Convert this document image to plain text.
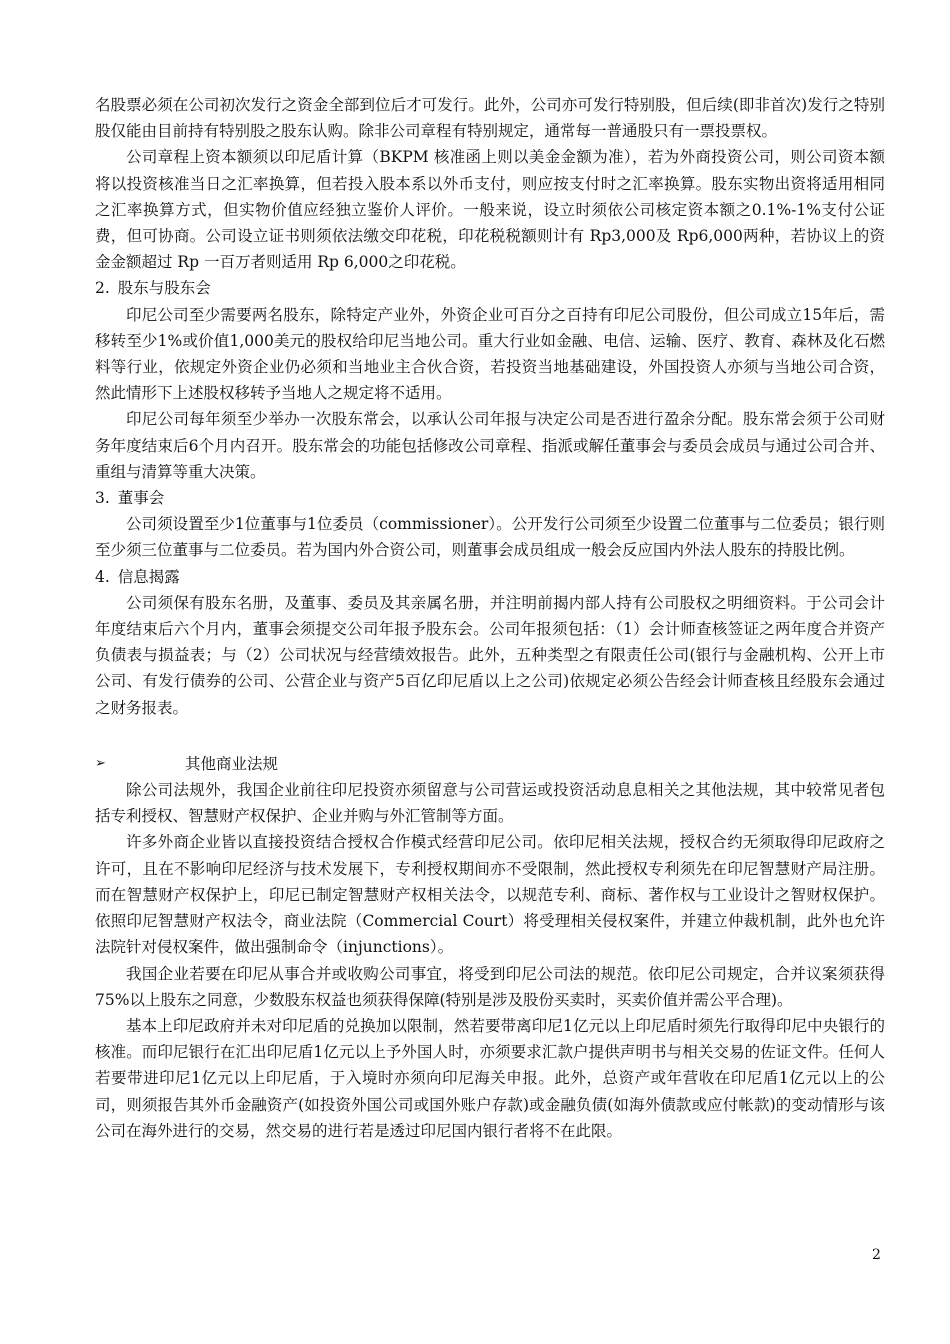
名股票必须在公司初次发行之资金全部到位后才可发行。此外，公司亦可发行特别股，但后续(即非首次)发行之特别股仅能由目前持有特别股之股东认购。除非公司章程有特别规定，通常每一普通股只有一票投票权。

公司章程上资本额须以印尼盾计算（BKPM 核准函上则以美金金额为准），若为外商投资公司，则公司资本额将以投资核准当日之汇率换算，但若投入股本系以外币支付，则应按支付时之汇率换算。股东实物出资将适用相同之汇率换算方式，但实物价值应经独立鉴价人评价。一般来说，设立时须依公司核定资本额之0.1%-1%支付公证费，但可协商。公司设立证书则须依法缴交印花税，印花税税额则计有 Rp3,000及 Rp6,000两种，若协议上的资金金额超过 Rp 一百万者则适用 Rp 6,000之印花税。

2. 股东与股东会

印尼公司至少需要两名股东，除特定产业外，外资企业可百分之百持有印尼公司股份，但公司成立15年后，需移转至少1%或价值1,000美元的股权给印尼当地公司。重大行业如金融、电信、运输、医疗、教育、森林及化石燃料等行业，依规定外资企业仍必须和当地业主合伙合资，若投资当地基础建设，外国投资人亦须与当地公司合资，然此情形下上述股权移转予当地人之规定将不适用。

印尼公司每年须至少举办一次股东常会，以承认公司年报与决定公司是否进行盈余分配。股东常会须于公司财务年度结束后6个月内召开。股东常会的功能包括修改公司章程、指派或解任董事会与委员会成员与通过公司合并、重组与清算等重大决策。

3. 董事会

公司须设置至少1位董事与1位委员（commissioner）。公开发行公司须至少设置二位董事与二位委员；银行则至少须三位董事与二位委员。若为国内外合资公司，则董事会成员组成一般会反应国内外法人股东的持股比例。

4. 信息揭露

公司须保有股东名册，及董事、委员及其亲属名册，并注明前揭内部人持有公司股权之明细资料。于公司会计年度结束后六个月内，董事会须提交公司年报予股东会。公司年报须包括：（1）会计师查核签证之两年度合并资产负债表与损益表；与（2）公司状况与经营绩效报告。此外，五种类型之有限责任公司(银行与金融机构、公开上市公司、有发行债券的公司、公营企业与资产5百亿印尼盾以上之公司)依规定必须公告经会计师查核且经股东会通过之财务报表。

➢	其他商业法规

除公司法规外，我国企业前往印尼投资亦须留意与公司营运或投资活动息息相关之其他法规，其中较常见者包括专利授权、智慧财产权保护、企业并购与外汇管制等方面。

许多外商企业皆以直接投资结合授权合作模式经营印尼公司。依印尼相关法规，授权合约无须取得印尼政府之许可，且在不影响印尼经济与技术发展下，专利授权期间亦不受限制，然此授权专利须先在印尼智慧财产局注册。而在智慧财产权保护上，印尼已制定智慧财产权相关法令，以规范专利、商标、著作权与工业设计之智财权保护。依照印尼智慧财产权法令，商业法院（Commercial Court）将受理相关侵权案件，并建立仲裁机制，此外也允许法院针对侵权案件，做出强制命令（injunctions）。

我国企业若要在印尼从事合并或收购公司事宜，将受到印尼公司法的规范。依印尼公司规定，合并议案须获得75%以上股东之同意，少数股东权益也须获得保障(特别是涉及股份买卖时，买卖价值并需公平合理)。

基本上印尼政府并未对印尼盾的兑换加以限制，然若要带离印尼1亿元以上印尼盾时须先行取得印尼中央银行的核准。而印尼银行在汇出印尼盾1亿元以上予外国人时，亦须要求汇款户提供声明书与相关交易的佐证文件。任何人若要带进印尼1亿元以上印尼盾，于入境时亦须向印尼海关申报。此外，总资产或年营收在印尼盾1亿元以上的公司，则须报告其外币金融资产(如投资外国公司或国外账户存款)或金融负债(如海外债款或应付帐款)的变动情形与该公司在海外进行的交易，然交易的进行若是透过印尼国内银行者将不在此限。

2
